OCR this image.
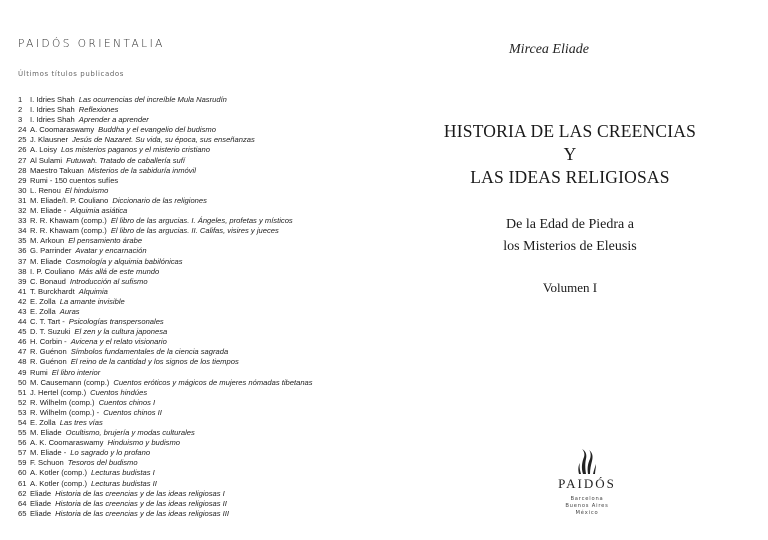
PAIDÓS ORIENTALIA
Últimos títulos publicados
1 I. Idries Shah Las ocurrencias del increíble Mula Nasrudín
2 I. Idries Shah Reflexiones
3 I. Idries Shah Aprender a aprender
24 A. Coomaraswamy Buddha y el evangelio del budismo
25 J. Klausner Jesús de Nazaret. Su vida, su época, sus enseñanzas
26 A. Loisy Los misterios paganos y el misterio cristiano
27 Al Sulami Futuwah. Tratado de caballería sufí
28 Maestro Takuan Misterios de la sabiduría inmóvil
29 Rumi - 150 cuentos sufíes
30 L. Renou El hinduismo
31 M. Eliade/I. P. Couliano Diccionario de las religiones
32 M. Eliade - Alquimia asiática
33 R. R. Khawam (comp.) El libro de las argucias. I. Ángeles, profetas y místicos
34 R. R. Khawam (comp.) El libro de las argucias. II. Califas, visires y jueces
35 M. Arkoun El pensamiento árabe
36 G. Parrinder Avatar y encarnación
37 M. Eliade Cosmología y alquimia babilónicas
38 I. P. Couliano Más allá de este mundo
39 C. Bonaud Introducción al sufismo
41 T. Burckhardt Alquimia
42 E. Zolla La amante invisible
43 E. Zolla Auras
44 C. T. Tart - Psicologías transpersonales
45 D. T. Suzuki El zen y la cultura japonesa
46 H. Corbin - Avicena y el relato visionario
47 R. Guénon Símbolos fundamentales de la ciencia sagrada
48 R. Guénon El reino de la cantidad y los signos de los tiempos
49 Rumi El libro interior
50 M. Causemann (comp.) Cuentos eróticos y mágicos de mujeres nómadas tibetanas
51 J. Hertel (comp.) Cuentos hindúes
52 R. Wilhelm (comp.) Cuentos chinos I
53 R. Wilhelm (comp.) - Cuentos chinos II
54 E. Zolla Las tres vías
55 M. Eliade Ocultismo, brujería y modas culturales
56 A. K. Coomaraswamy Hinduismo y budismo
57 M. Eliade - Lo sagrado y lo profano
59 F. Schuon Tesoros del budismo
60 A. Kotler (comp.) Lecturas budistas I
61 A. Kotler (comp.) Lecturas budistas II
62 Eliade Historia de las creencias y de las ideas religiosas I
64 Eliade Historia de las creencias y de las ideas religiosas II
65 Eliade Historia de las creencias y de las ideas religiosas III
Mircea Eliade
HISTORIA DE LAS CREENCIAS
Y
LAS IDEAS RELIGIOSAS
De la Edad de Piedra a
los Misterios de Eleusis
Volumen I
PAIDÓS
Barcelona
Buenos Aires
México
